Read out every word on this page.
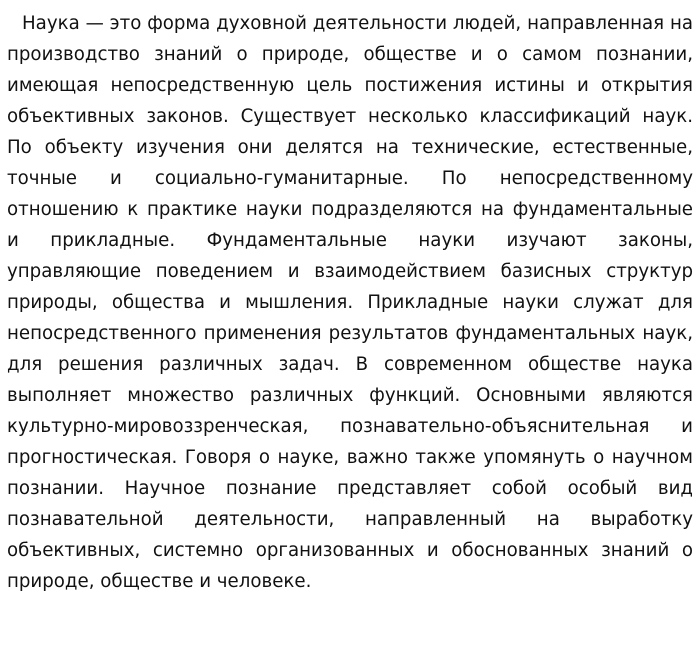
Наука — это форма духовной деятельности людей, направленная на производство знаний о природе, обществе и о самом познании, имеющая непосредственную цель постижения истины и открытия объективных законов. Существует несколько классификаций наук. По объекту изучения они делятся на технические, естественные, точные и социально-гуманитарные. По непосредственному отношению к практике науки подразделяются на фундаментальные и прикладные. Фундаментальные науки изучают законы, управляющие поведением и взаимодействием базисных структур природы, общества и мышления. Прикладные науки служат для непосредственного применения результатов фундаментальных наук, для решения различных задач. В современном обществе наука выполняет множество различных функций. Основными являются культурно-мировоззренческая, познавательно-объяснительная и прогностическая. Говоря о науке, важно также упомянуть о научном познании. Научное познание представляет собой особый вид познавательной деятельности, направленный на выработку объективных, системно организованных и обоснованных знаний о природе, обществе и человеке.
